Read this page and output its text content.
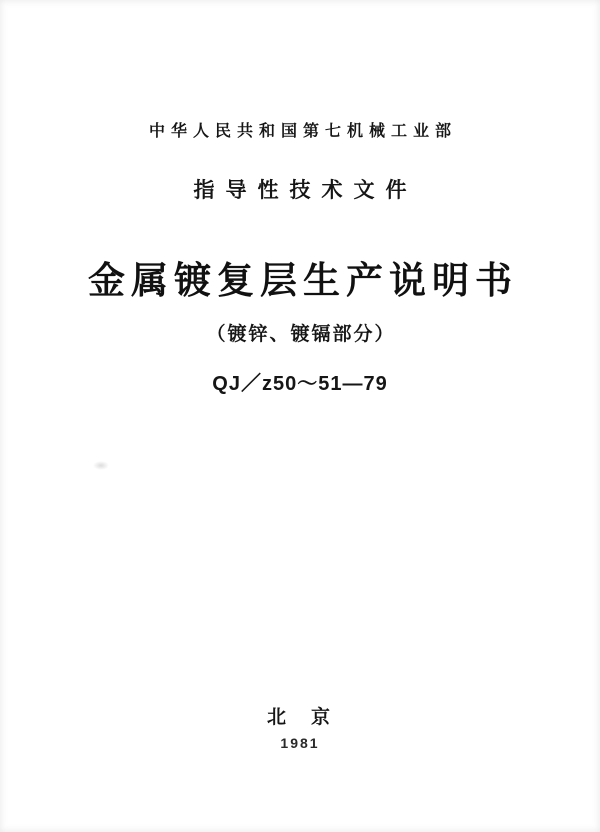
中华人民共和国第七机械工业部
指导性技术文件
金属镀复层生产说明书
（镀锌、镀镉部分）
QJ／z50～51—79
北　京
1981
